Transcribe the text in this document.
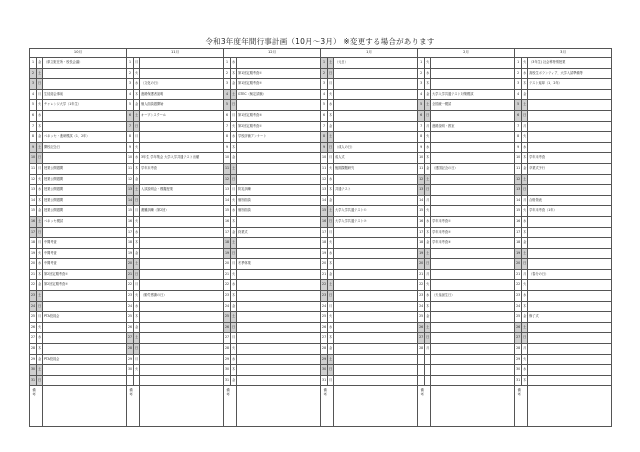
令和3年度年間行事計画（10月～3月） ※変更する場合があります
10月			11月			12月			1月			2月			3月		
1	金	（県立駐在所・校長会議）	1	月		1	水		1	土	（元日）	1	火		1	火	（3年生) 社会科特別授業
2	土		2	火		2	木	第1回定期考査①	2	日		2	水		2	水	高校生ボランティア、大学入試準備等
3	日		3	水	（文化の日）	3	金	第1回定期考査②	3	月		3	木		3	木	テスト返却（1、2年）
4	月	生徒総会事前	4	木	進路保護者説明	4	土	GTEC（検定試験）	4	火		4	金	大学入学共通テスト対策模試	4	金	
5	火	チャレンジ大学（1年生）	5	金	個人面談週開始	5	日		5	水		5	土	全国統一模試	5	土	
6	水		6	土	オープンスクール	6	月	第1回定期考査③	6	木		6	日		6	日	
7	木		7	日		7	火	第2回定期考査①	7	金		7	月	進路説明・教室	7	月	
8	金	ベネッセ・進研模試（1、2年）	8	月		8	水	学校評価アンケート	8	土		8	火		8	火	
9	土	開校記念日	9	火		9	木		9	日	（成人の日）	9	水		9	水	
10	日		10	水	3年生 学年集会 大学入学共通テスト出願	10	金		10	月	成人式	10	木		10	木	学年末考査
11	月	授業公開週間	11	木	学年末考査	11	土		11	火	後期課題研究	11	金	（建国記念の日）	11	金	卒業式予行
12	火	授業公開週間	12	金		12	日		12	水		12	土		12	土	
13	水	授業公開週間	13	土	入試説明会・模擬授業	13	月	防災訓練	13	木	共通テスト	13	日		13	日	
14	木	授業公開週間	14	日		14	火	個別面談	14	金		14	月		14	月	合格発表
15	金	授業公開週間	15	月	避難訓練（第2回）	15	水	個別面談	15	土	大学入学共通テスト①	15	火		15	火	学年末考査（1年）
16	土	ベネッセ模試	16	火		16	木		16	日	大学入学共通テスト②	16	水	学年末考査①	16	水	
17	日		17	水		17	金	終業式	17	月		17	木	学年末考査②	17	木	
18	月	中間考査	18	木		18	土		18	火		18	金	学年末考査③	18	金	
19	火	中間考査	19	金		19	日		19	水		19	土		19	土	
20	水	中間考査	20	土		20	月	冬季休業	20	木		20	日		20	日	
21	木	第2回定期考査①	21	日		21	火		21	金		21	月		21	月	（春分の日）
22	金	第2回定期考査②	22	月		22	水		22	土		22	火		22	火	
23	土		23	火	（勤労感謝の日）	23	木		23	日		23	水	（天皇誕生日）	23	水	
24	日		24	水		24	金		24	月		24	木		24	木	
25	月	PTA役員会	25	木		25	土		25	火		25	金		25	金	修了式
26	火		26	金		26	日		26	水		26	土		26	土	
27	水		27	土		27	月		27	木		27	日		27	日	
28	木		28	日		28	火		28	金		28	月		28	月	
29	金	PTA役員会	29	月		29	水		29	土					29	火	
30	土		30	火		30	木		30	日					30	水	
31	日					31	金		31	月					31	木	

備考			備考			備考			備考			備考			備考		
